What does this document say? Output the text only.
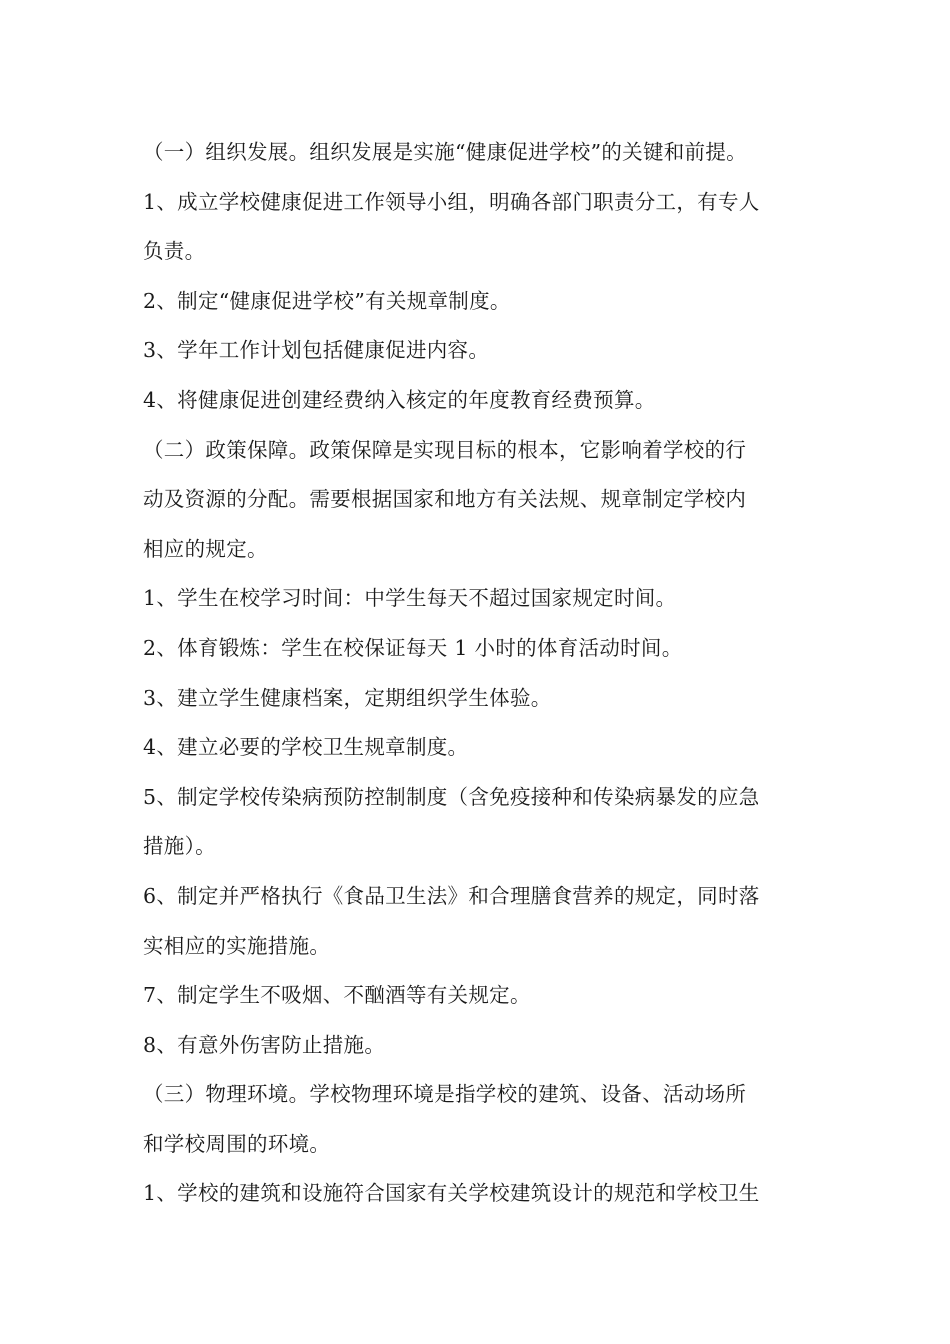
（一）组织发展。组织发展是实施“健康促进学校”的关键和前提。
1、成立学校健康促进工作领导小组，明确各部门职责分工，有专人
负责。
2、制定“健康促进学校”有关规章制度。
3、学年工作计划包括健康促进内容。
4、将健康促进创建经费纳入核定的年度教育经费预算。
（二）政策保障。政策保障是实现目标的根本，它影响着学校的行
动及资源的分配。需要根据国家和地方有关法规、规章制定学校内
相应的规定。
1、学生在校学习时间：中学生每天不超过国家规定时间。
2、体育锻炼：学生在校保证每天 1 小时的体育活动时间。
3、建立学生健康档案，定期组织学生体验。
4、建立必要的学校卫生规章制度。
5、制定学校传染病预防控制制度（含免疫接种和传染病暴发的应急
措施）。
6、制定并严格执行《食品卫生法》和合理膳食营养的规定，同时落
实相应的实施措施。
7、制定学生不吸烟、不酗酒等有关规定。
8、有意外伤害防止措施。
（三）物理环境。学校物理环境是指学校的建筑、设备、活动场所
和学校周围的环境。
1、学校的建筑和设施符合国家有关学校建筑设计的规范和学校卫生
